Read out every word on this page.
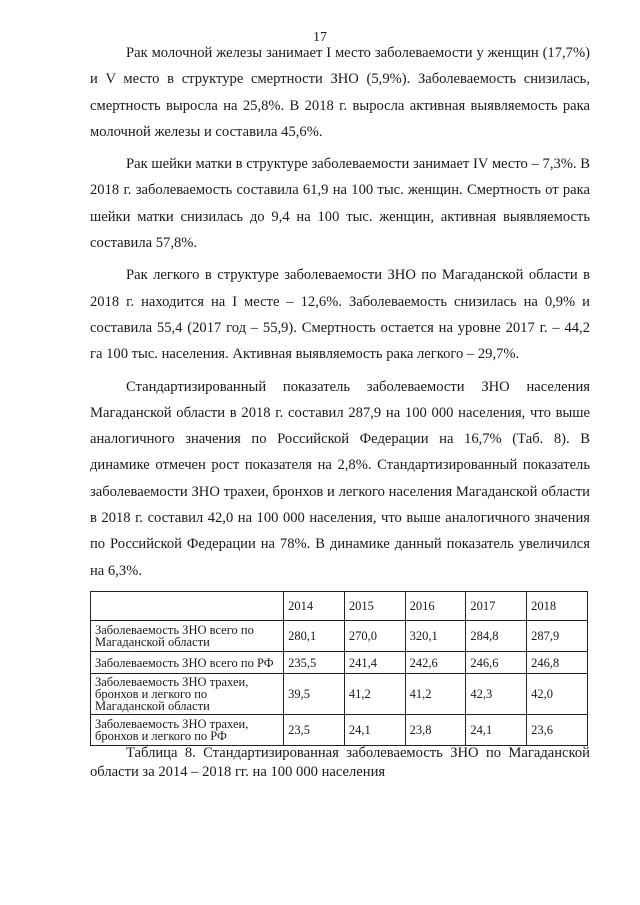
17

Рак молочной железы занимает I место заболеваемости у женщин (17,7%) и V место в структуре смертности ЗНО (5,9%). Заболеваемость снизилась, смертность выросла на 25,8%. В 2018 г. выросла активная выявляемость рака молочной железы и составила 45,6%.

Рак шейки матки в структуре заболеваемости занимает IV место – 7,3%. В 2018 г. заболеваемость составила 61,9 на 100 тыс. женщин. Смертность от рака шейки матки снизилась до 9,4 на 100 тыс. женщин, активная выявляемость составила 57,8%.

Рак легкого в структуре заболеваемости ЗНО по Магаданской области в 2018 г. находится на I месте – 12,6%. Заболеваемость снизилась на 0,9% и составила 55,4 (2017 год – 55,9). Смертность остается на уровне 2017 г. – 44,2 га 100 тыс. населения. Активная выявляемость рака легкого – 29,7%.

Стандартизированный показатель заболеваемости ЗНО населения Магаданской области в 2018 г. составил 287,9 на 100 000 населения, что выше аналогичного значения по Российской Федерации на 16,7% (Таб. 8). В динамике отмечен рост показателя на 2,8%. Стандартизированный показатель заболеваемости ЗНО трахеи, бронхов и легкого населения Магаданской области в 2018 г. составил 42,0 на 100 000 населения, что выше аналогичного значения по Российской Федерации на 78%. В динамике данный показатель увеличился на 6,3%.

	2014	2015	2016	2017	2018
Заболеваемость ЗНО всего по Магаданской области	280,1	270,0	320,1	284,8	287,9
Заболеваемость ЗНО всего по РФ	235,5	241,4	242,6	246,6	246,8
Заболеваемость ЗНО трахеи, бронхов и легкого по Магаданской области	39,5	41,2	41,2	42,3	42,0
Заболеваемость ЗНО трахеи, бронхов и легкого по РФ	23,5	24,1	23,8	24,1	23,6

Таблица 8. Стандартизированная заболеваемость ЗНО по Магаданской области за 2014 – 2018 гг. на 100 000 населения
